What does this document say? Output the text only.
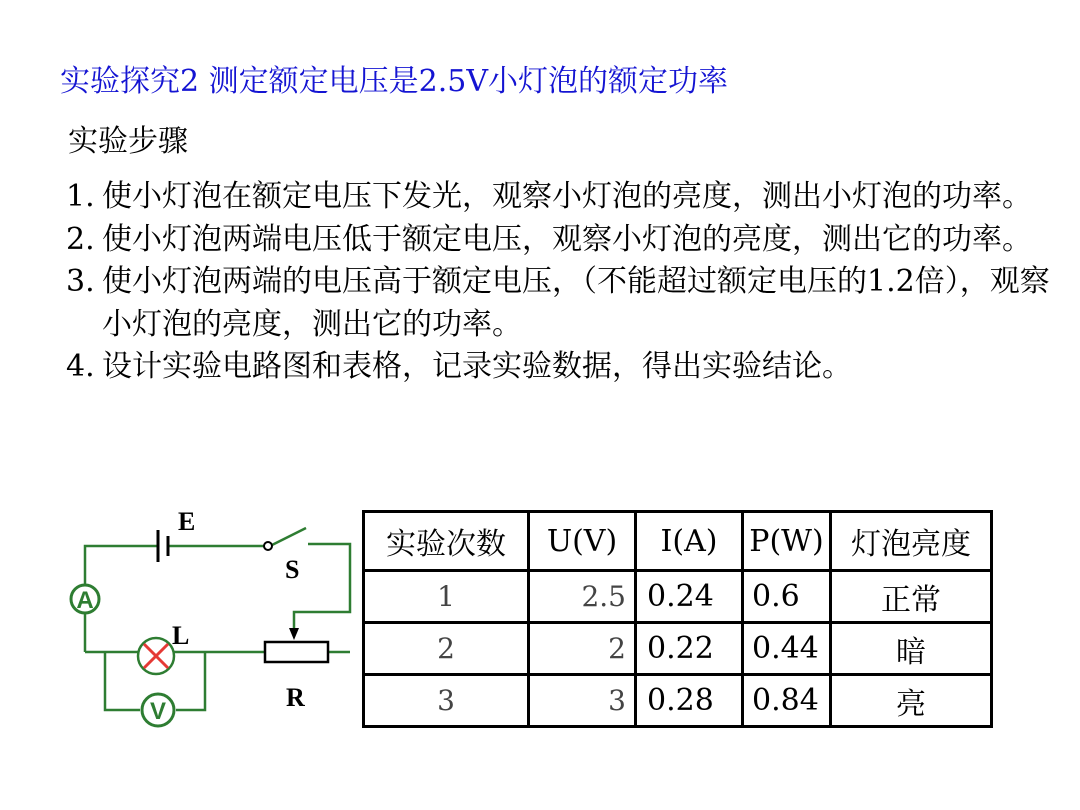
实验探究2 测定额定电压是2.5V小灯泡的额定功率
实验步骤
1. 使小灯泡在额定电压下发光，观察小灯泡的亮度，测出小灯泡的功率。
2. 使小灯泡两端电压低于额定电压，观察小灯泡的亮度，测出它的功率。
3. 使小灯泡两端的电压高于额定电压，（不能超过额定电压的1.2倍），观察小灯泡的亮度，测出它的功率。
4. 设计实验电路图和表格，记录实验数据，得出实验结论。
E
S
A
L
R
V
实验次数	U(V)	I(A)	P(W)	灯泡亮度
1	2.5	0.24	0.6	正常
2	2	0.22	0.44	暗
3	3	0.28	0.84	亮
